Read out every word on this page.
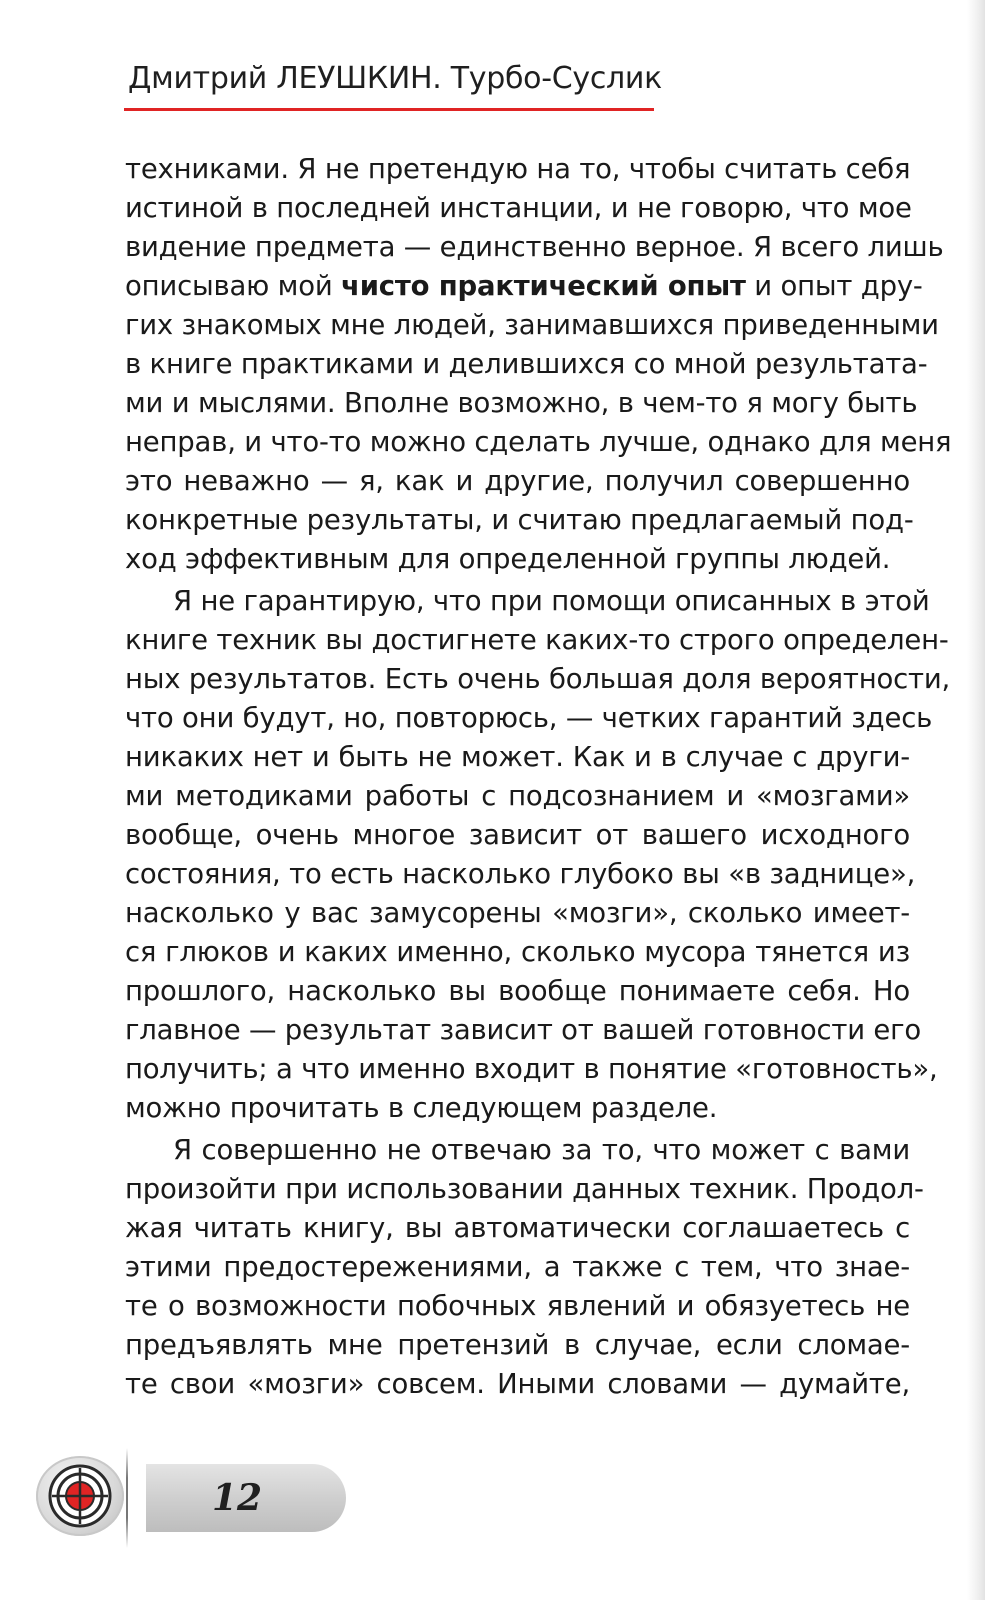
Дмитрий ЛЕУШКИН. Турбо-Суслик
техниками. Я не претендую на то, чтобы считать себя
истиной в последней инстанции, и не говорю, что мое
видение предмета — единственно верное. Я всего лишь
описываю мой чисто практический опыт и опыт дру-
гих знакомых мне людей, занимавшихся приведенными
в книге практиками и делившихся со мной результата-
ми и мыслями. Вполне возможно, в чем-то я могу быть
неправ, и что-то можно сделать лучше, однако для меня
это неважно — я, как и другие, получил совершенно
конкретные результаты, и считаю предлагаемый под-
ход эффективным для определенной группы людей.
Я не гарантирую, что при помощи описанных в этой
книге техник вы достигнете каких-то строго определен-
ных результатов. Есть очень большая доля вероятности,
что они будут, но, повторюсь, — четких гарантий здесь
никаких нет и быть не может. Как и в случае с други-
ми методиками работы с подсознанием и «мозгами»
вообще, очень многое зависит от вашего исходного
состояния, то есть насколько глубоко вы «в заднице»,
насколько у вас замусорены «мозги», сколько имеет-
ся глюков и каких именно, сколько мусора тянется из
прошлого, насколько вы вообще понимаете себя. Но
главное — результат зависит от вашей готовности его
получить; а что именно входит в понятие «готовность»,
можно прочитать в следующем разделе.
Я совершенно не отвечаю за то, что может с вами
произойти при использовании данных техник. Продол-
жая читать книгу, вы автоматически соглашаетесь с
этими предостережениями, а также с тем, что знае-
те о возможности побочных явлений и обязуетесь не
предъявлять мне претензий в случае, если сломае-
те свои «мозги» совсем. Иными словами — думайте,
12
